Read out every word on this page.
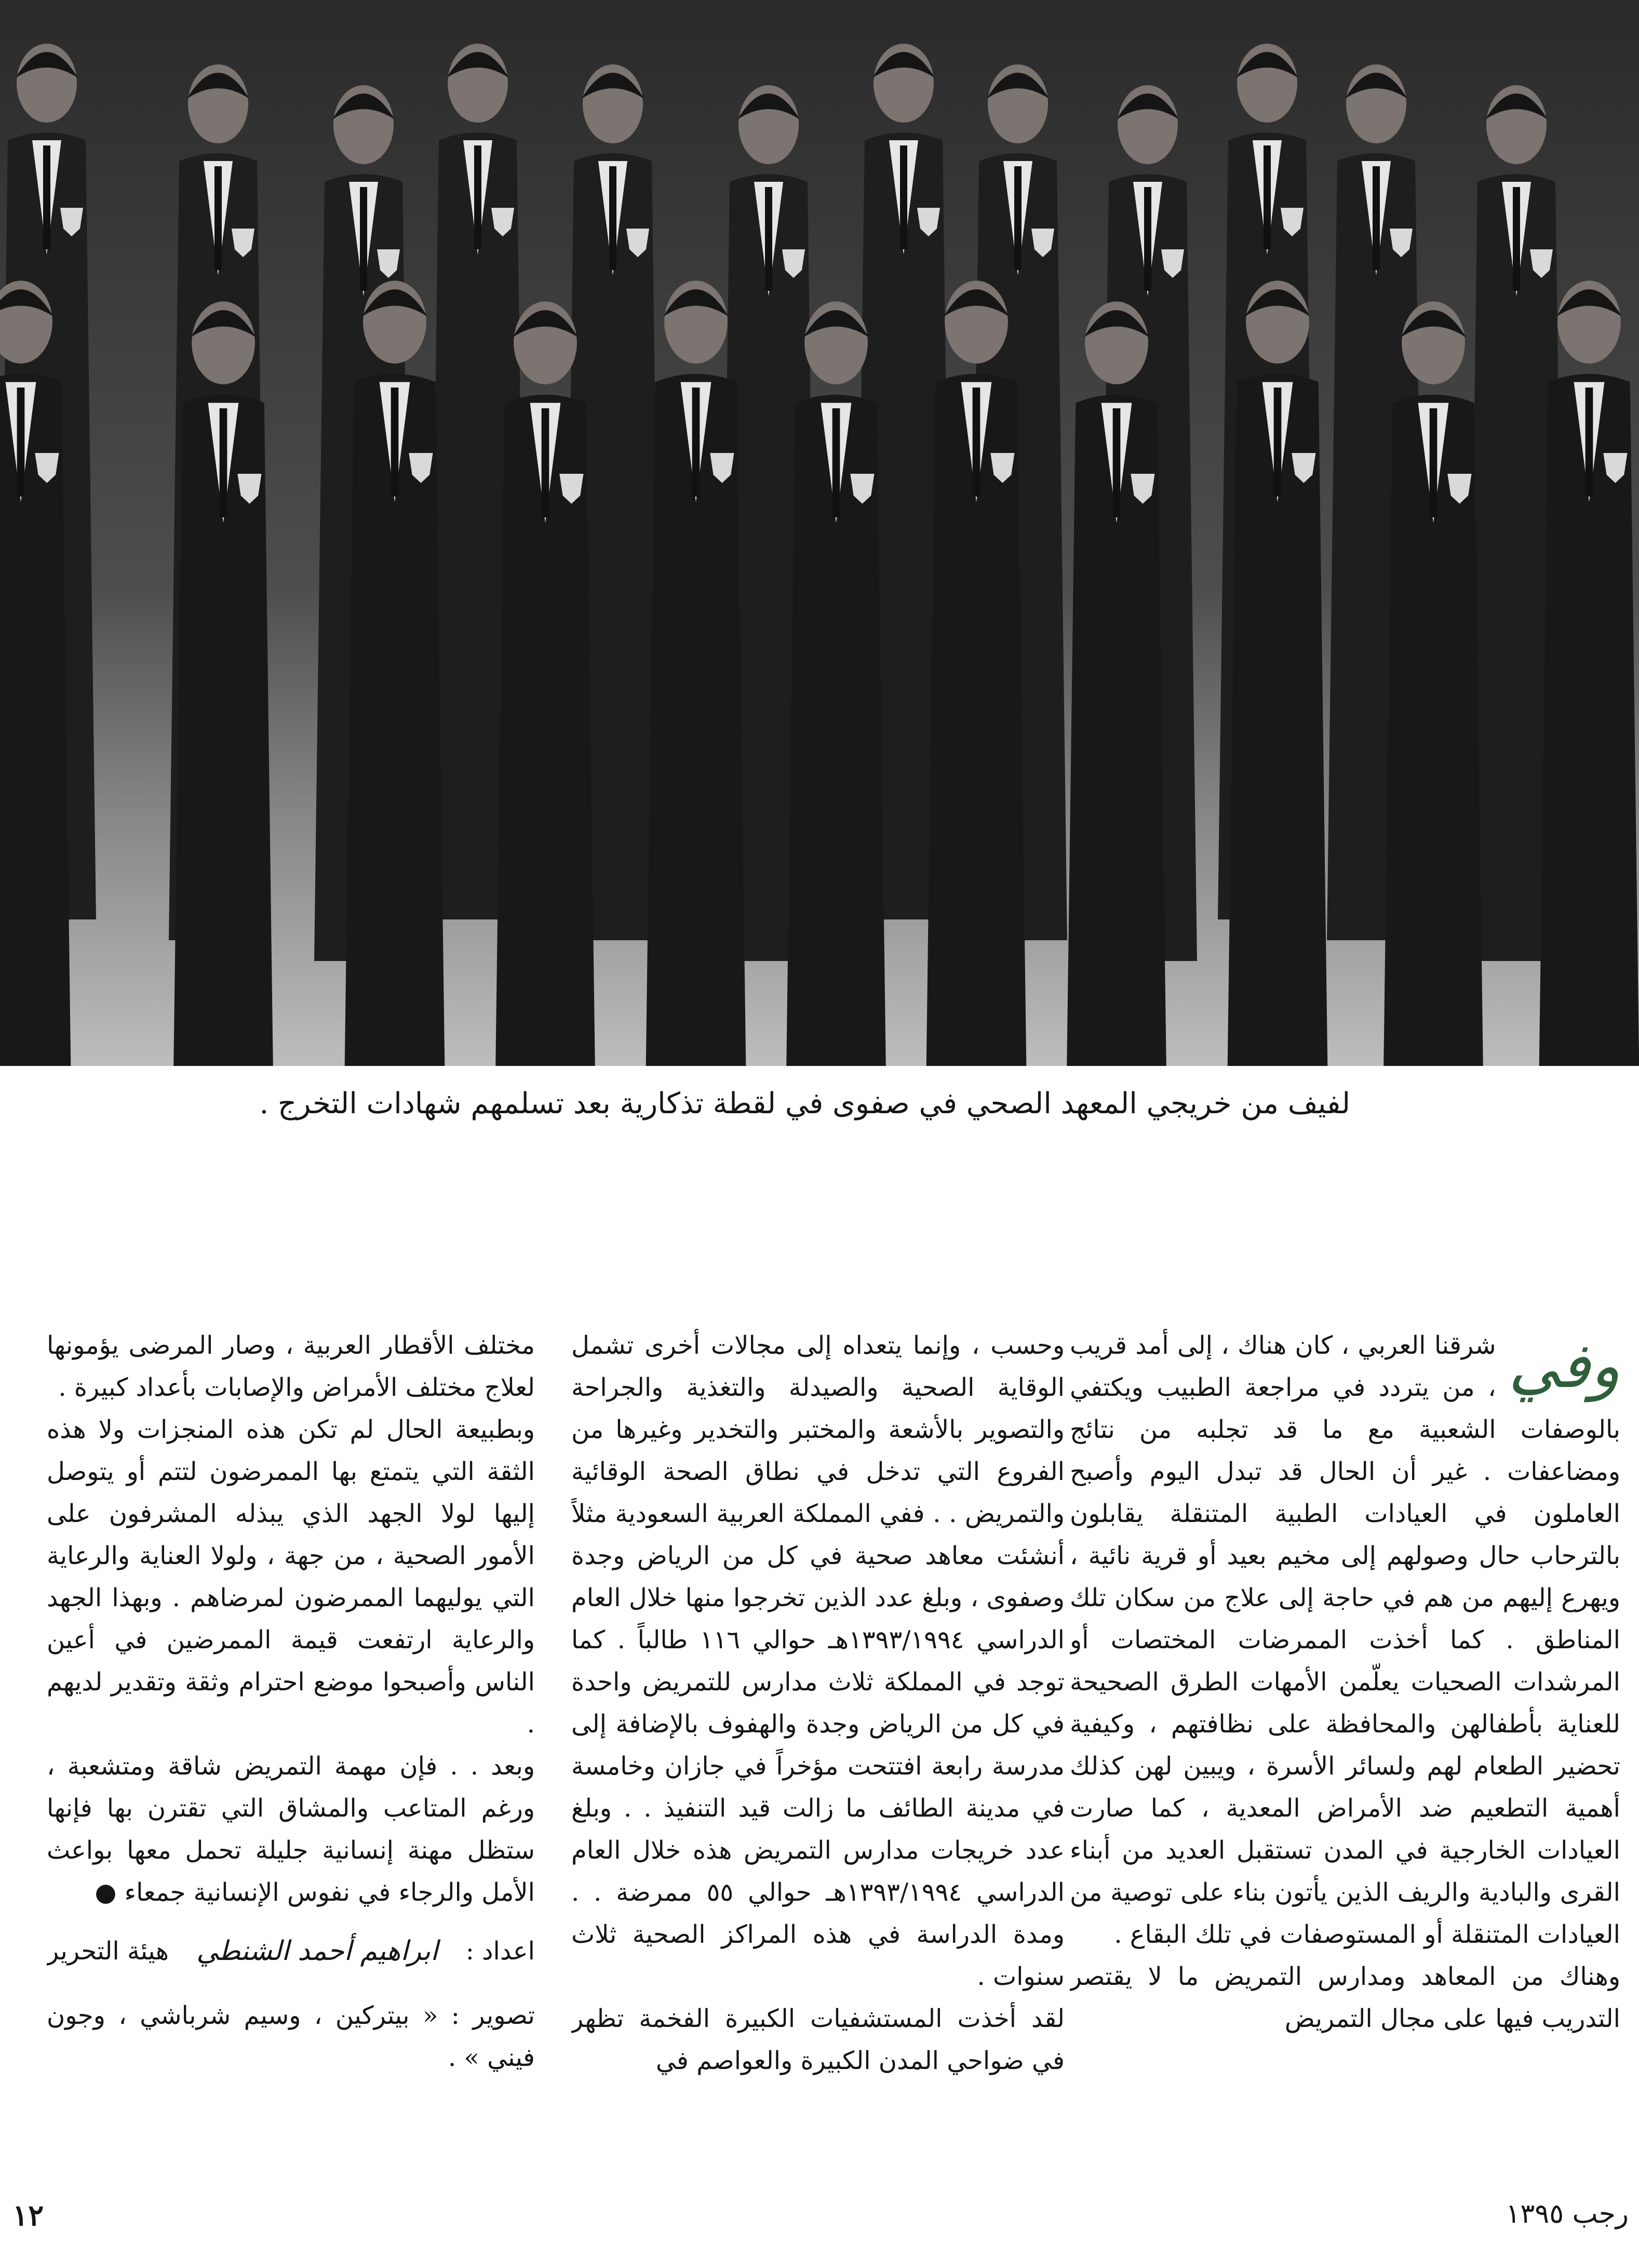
لفيف من خريجي المعهد الصحي في صفوى في لقطة تذكارية بعد تسلمهم شهادات التخرج .
وفي

شرقنا العربي ، كان هناك ، إلى أمد قريب ، من يتردد في مراجعة الطبيب ويكتفي بالوصفات الشعبية مع ما قد تجلبه من نتائج ومضاعفات . غير أن الحال قد تبدل اليوم وأصبح العاملون في العيادات الطبية المتنقلة يقابلون بالترحاب حال وصولهم إلى مخيم بعيد أو قرية نائية ، ويهرع إليهم من هم في حاجة إلى علاج من سكان تلك المناطق . كما أخذت الممرضات المختصات أو المرشدات الصحيات يعلّمن الأمهات الطرق الصحيحة للعناية بأطفالهن والمحافظة على نظافتهم ، وكيفية تحضير الطعام لهم ولسائر الأسرة ، ويبين لهن كذلك أهمية التطعيم ضد الأمراض المعدية ، كما صارت العيادات الخارجية في المدن تستقبل العديد من أبناء القرى والبادية والريف الذين يأتون بناء على توصية من العيادات المتنقلة أو المستوصفات في تلك البقاع .

وهناك من المعاهد ومدارس التمريض ما لا يقتصر التدريب فيها على مجال التمريض

وحسب ، وإنما يتعداه إلى مجالات أخرى تشمل الوقاية الصحية والصيدلة والتغذية والجراحة والتصوير بالأشعة والمختبر والتخدير وغيرها من الفروع التي تدخل في نطاق الصحة الوقائية والتمريض . . ففي المملكة العربية السعودية مثلاً أنشئت معاهد صحية في كل من الرياض وجدة وصفوى ، وبلغ عدد الذين تخرجوا منها خلال العام الدراسي ١٣٩٣/١٩٩٤هـ حوالي ١١٦ طالباً . كما توجد في المملكة ثلاث مدارس للتمريض واحدة في كل من الرياض وجدة والهفوف بالإضافة إلى مدرسة رابعة افتتحت مؤخراً في جازان وخامسة في مدينة الطائف ما زالت قيد التنفيذ . . وبلغ عدد خريجات مدارس التمريض هذه خلال العام الدراسي ١٣٩٣/١٩٩٤هـ حوالي ٥٥ ممرضة . . ومدة الدراسة في هذه المراكز الصحية ثلاث سنوات .

لقد أخذت المستشفيات الكبيرة الفخمة تظهر في ضواحي المدن الكبيرة والعواصم في

مختلف الأقطار العربية ، وصار المرضى يؤمونها لعلاج مختلف الأمراض والإصابات بأعداد كبيرة .

وبطبيعة الحال لم تكن هذه المنجزات ولا هذه الثقة التي يتمتع بها الممرضون لتتم أو يتوصل إليها لولا الجهد الذي يبذله المشرفون على الأمور الصحية ، من جهة ، ولولا العناية والرعاية التي يوليهما الممرضون لمرضاهم . وبهذا الجهد والرعاية ارتفعت قيمة الممرضين في أعين الناس وأصبحوا موضع احترام وثقة وتقدير لديهم .

وبعد . . فإن مهمة التمريض شاقة ومتشعبة ، ورغم المتاعب والمشاق التي تقترن بها فإنها ستظل مهنة إنسانية جليلة تحمل معها بواعث الأمل والرجاء في نفوس الإنسانية جمعاء ●

اعداد :
ابراهيم أحمد الشنطي
هيئة التحرير
تصوير : « بيتركين ، وسيم شرباشي ، وجون فيني » .
١٢	رجب ١٣٩٥
